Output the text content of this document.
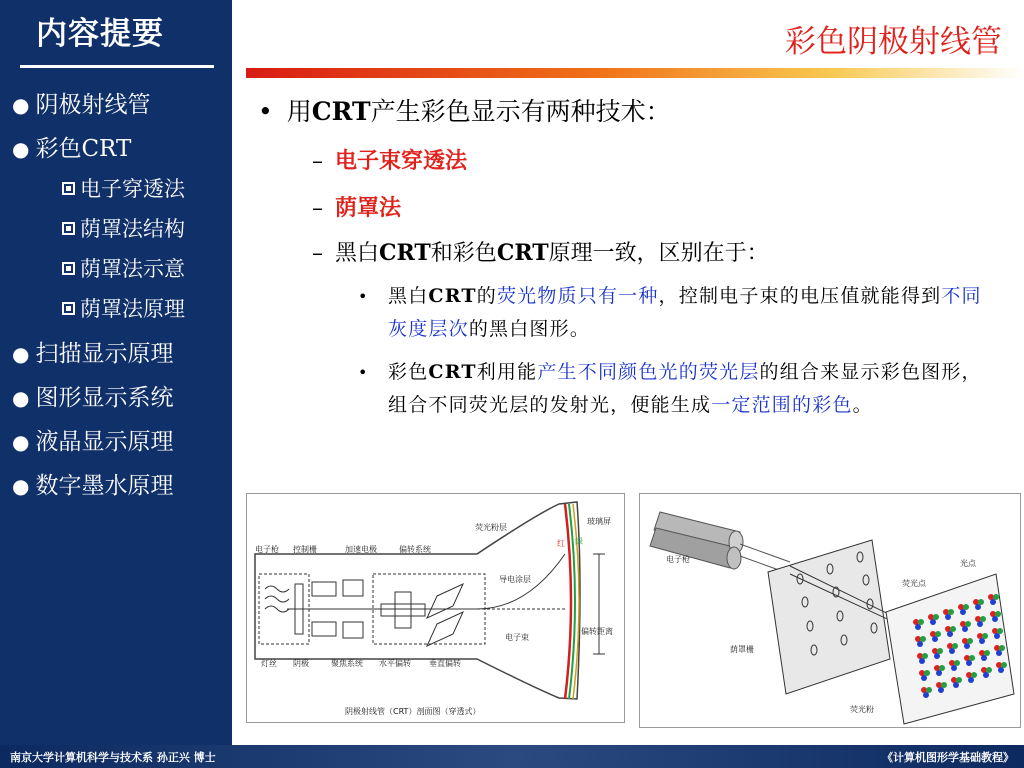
内容提要
● 阴极射线管
● 彩色CRT
电子穿透法
荫罩法结构
荫罩法示意
荫罩法原理
● 扫描显示原理
● 图形显示系统
● 液晶显示原理
● 数字墨水原理
彩色阴极射线管
• 用CRT产生彩色显示有两种技术：
– 电子束穿透法
– 荫罩法
– 黑白CRT和彩色CRT原理一致，区别在于：
•	黑白CRT的荧光物质只有一种，控制电子束的电压值就能得到不同灰度层次的黑白图形。
•	彩色CRT利用能产生不同颜色光的荧光层的组合来显示彩色图形，组合不同荧光层的发射光，便能生成一定范围的彩色。
电子枪 控制栅	加速电极	偏转系统
荧光粉层
玻璃屏
红 绿
导电涂层
电子束
偏转距离
灯丝 阴极	聚焦系统 水平偏转 垂直偏转
阴极射线管（CRT）剖面图（穿透式）
电子枪	光点
荧光点
荫罩栅
荧光粉
南京大学计算机科学与技术系 孙正兴 博士	《计算机图形学基础教程》
